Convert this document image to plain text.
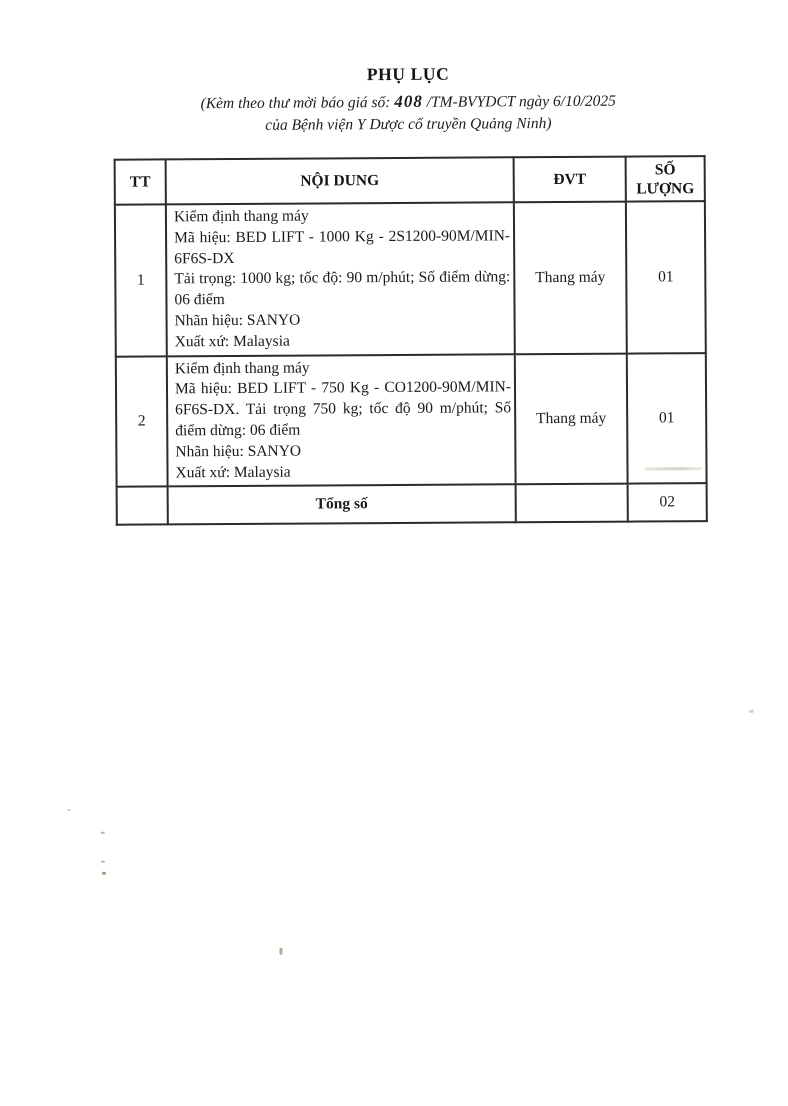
PHỤ LỤC
(Kèm theo thư mời báo giá số: 408 /TM-BVYDCT ngày 6/10/2025
của Bệnh viện Y Dược cổ truyền Quảng Ninh)
TT	NỘI DUNG	ĐVT	SỐ LƯỢNG
1	Kiểm định thang máy

Mã hiệu: BED LIFT - 1000 Kg - 2S1200-90M/MIN-6F6S-DX

Tải trọng: 1000 kg; tốc độ: 90 m/phút; Số điểm dừng: 06 điểm

Nhãn hiệu: SANYO

Xuất xứ: Malaysia	Thang máy	01
2	Kiểm định thang máy

Mã hiệu: BED LIFT - 750 Kg - CO1200-90M/MIN-6F6S-DX. Tải trọng 750 kg; tốc độ 90 m/phút; Số điểm dừng: 06 điểm

Nhãn hiệu: SANYO

Xuất xứ: Malaysia	Thang máy	01
	Tổng số		02
